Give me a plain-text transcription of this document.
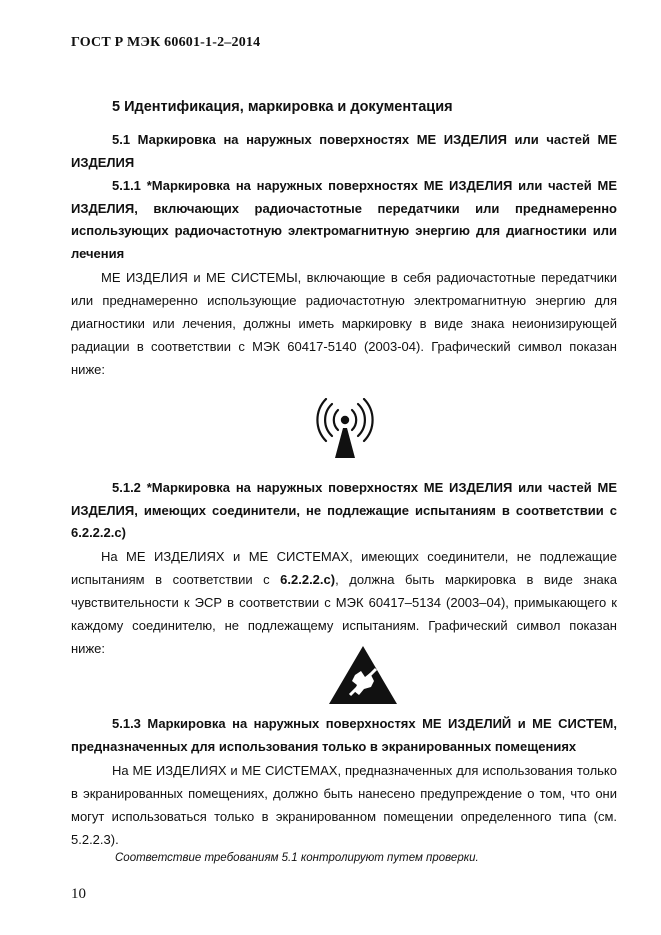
ГОСТ Р МЭК 60601-1-2–2014
5 Идентификация, маркировка и документация
5.1 Маркировка на наружных поверхностях МЕ ИЗДЕЛИЯ или частей МЕ ИЗДЕЛИЯ
5.1.1 *Маркировка на наружных поверхностях МЕ ИЗДЕЛИЯ или частей МЕ ИЗДЕЛИЯ, включающих радиочастотные передатчики или преднамеренно использующих радиочастотную электромагнитную энергию для диагностики или лечения
МЕ ИЗДЕЛИЯ и МЕ СИСТЕМЫ, включающие в себя радиочастотные передатчики или преднамеренно использующие радиочастотную электромагнитную энергию для диагностики или лечения, должны иметь маркировку в виде знака неионизирующей радиации в соответствии с МЭК 60417-5140 (2003-04). Графический символ показан ниже:
5.1.2 *Маркировка на наружных поверхностях МЕ ИЗДЕЛИЯ или частей МЕ ИЗДЕЛИЯ, имеющих соединители, не подлежащие испытаниям в соответствии с 6.2.2.2.c)
На МЕ ИЗДЕЛИЯХ и МЕ СИСТЕМАХ, имеющих соединители, не подлежащие испытаниям в соответствии с 6.2.2.2.c), должна быть маркировка в виде знака чувствительности к ЭСР в соответствии с МЭК 60417–5134 (2003–04), примыкающего к каждому соединителю, не подлежащему испытаниям. Графический символ показан ниже:
5.1.3 Маркировка на наружных поверхностях МЕ ИЗДЕЛИЙ и МЕ СИСТЕМ, предназначенных для использования только в экранированных помещениях
На МЕ ИЗДЕЛИЯХ и МЕ СИСТЕМАХ, предназначенных для использования только в экранированных помещениях, должно быть нанесено предупреждение о том, что они могут использоваться только в экранированном помещении определенного типа (см. 5.2.2.3).
Соответствие требованиям 5.1 контролируют путем проверки.
10
